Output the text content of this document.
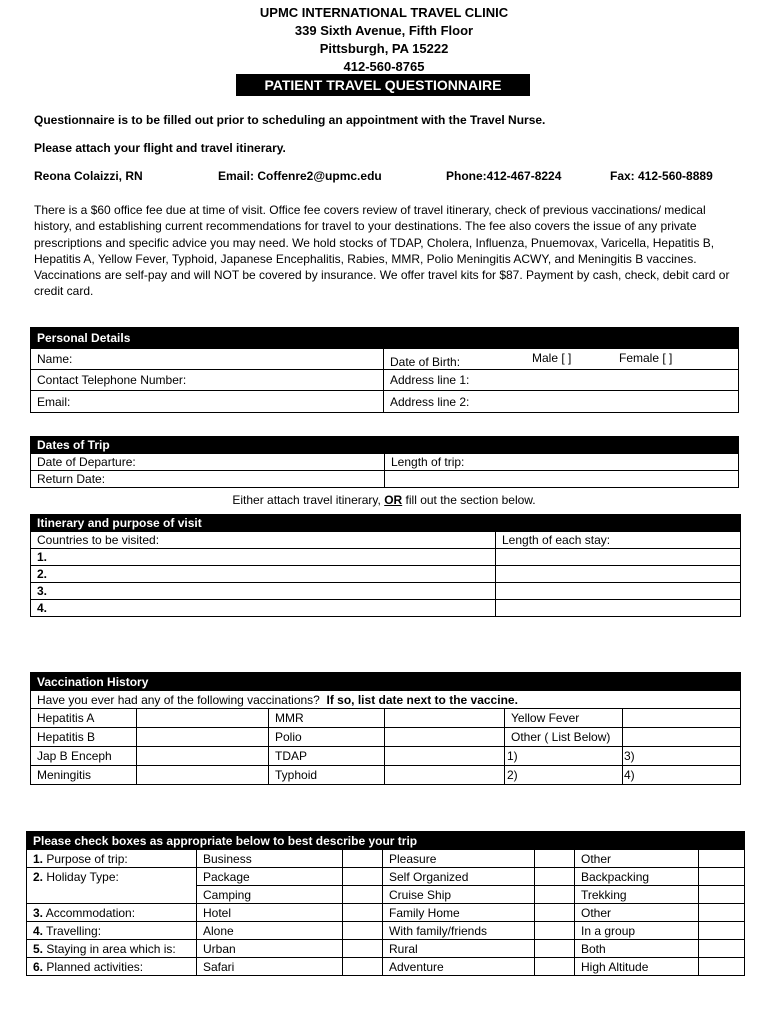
UPMC INTERNATIONAL TRAVEL CLINIC
339 Sixth Avenue, Fifth Floor
Pittsburgh, PA 15222
412-560-8765
PATIENT TRAVEL QUESTIONNAIRE
Questionnaire is to be filled out prior to scheduling an appointment with the Travel Nurse.
Please attach your flight and travel itinerary.
Reona Colaizzi, RN	Email: Coffenre2@upmc.edu	Phone:412-467-8224	Fax: 412-560-8889
There is a $60 office fee due at time of visit. Office fee covers review of travel itinerary, check of previous vaccinations/ medical history, and establishing current recommendations for travel to your destinations. The fee also covers the issue of any private prescriptions and specific advice you may need. We hold stocks of TDAP, Cholera, Influenza, Pnuemovax, Varicella, Hepatitis B, Hepatitis A, Yellow Fever, Typhoid, Japanese Encephalitis, Rabies, MMR, Polio Meningitis ACWY, and Meningitis B vaccines. Vaccinations are self-pay and will NOT be covered by insurance. We offer travel kits for $87. Payment by cash, check, debit card or credit card.
Personal Details	
Name:	Date of Birth: Male [ ] Female [ ]

Contact Telephone Number:	Address line 1:
Email:	Address line 2:
Dates of Trip	
Date of Departure:	Length of trip:
Return Date:	
Either attach travel itinerary, OR fill out the section below.
Itinerary and purpose of visit	
Countries to be visited:	Length of each stay:
1.	
2.	
3.	
4.	
Vaccination History					
Have you ever had any of the following vaccinations?  If so, list date next to the vaccine.					
Hepatitis A		MMR		Yellow Fever	
Hepatitis B		Polio		Other ( List Below)	
Jap B Enceph		TDAP		1)	3)
Meningitis		Typhoid		2)	4)
Please check boxes as appropriate below to best describe your trip						
1. Purpose of trip:	Business		Pleasure		Other	
2. Holiday Type:	Package		Self Organized		Backpacking	
	Camping		Cruise Ship		Trekking	
3. Accommodation:	Hotel		Family Home		Other	
4. Travelling:	Alone		With family/friends		In a group	
5. Staying in area which is:	Urban		Rural		Both	
6. Planned activities:	Safari		Adventure		High Altitude	
